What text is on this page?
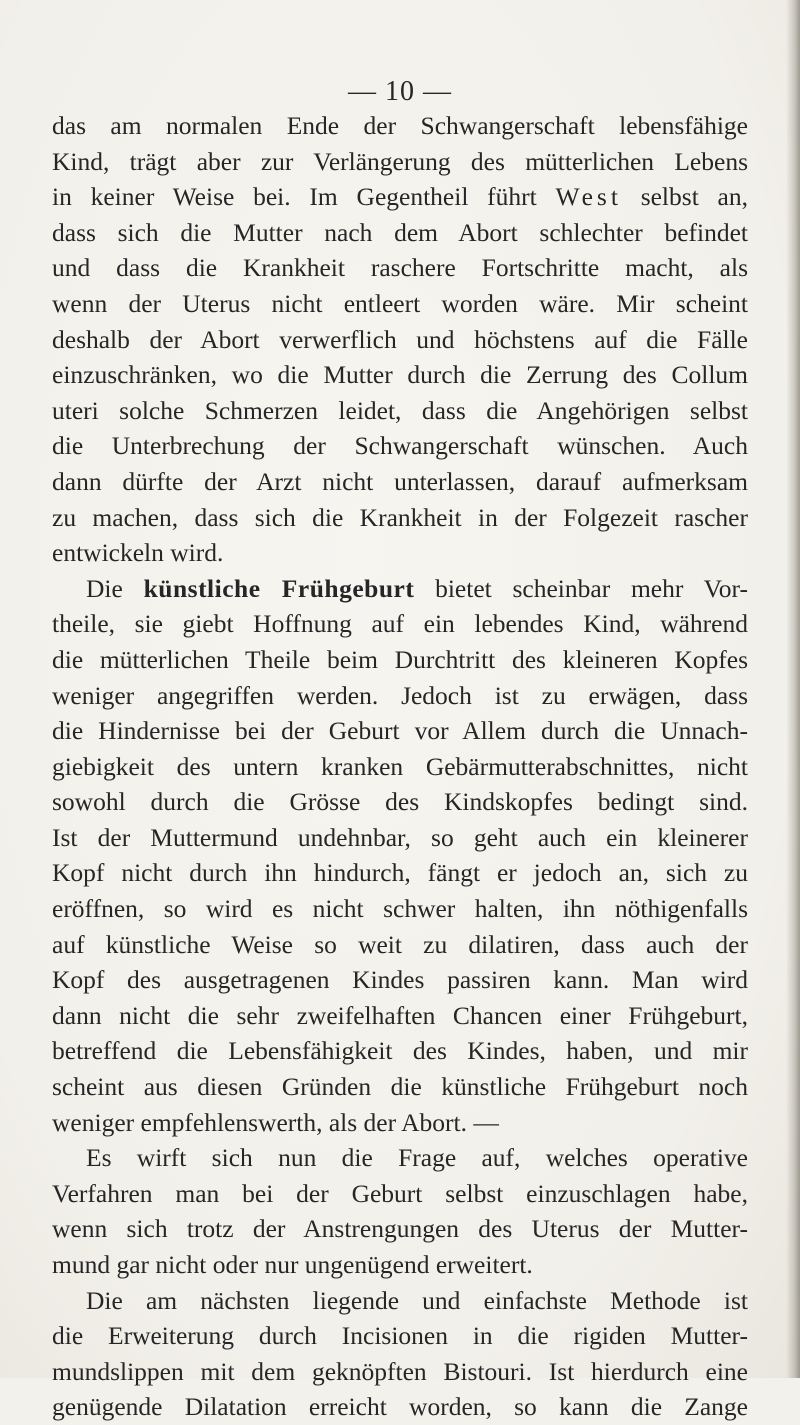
— 10 —
das am normalen Ende der Schwangerschaft lebensfähige
Kind, trägt aber zur Verlängerung des mütterlichen Lebens
in keiner Weise bei. Im Gegentheil führt West selbst an,
dass sich die Mutter nach dem Abort schlechter befindet
und dass die Krankheit raschere Fortschritte macht, als
wenn der Uterus nicht entleert worden wäre. Mir scheint
deshalb der Abort verwerflich und höchstens auf die Fälle
einzuschränken, wo die Mutter durch die Zerrung des Collum
uteri solche Schmerzen leidet, dass die Angehörigen selbst
die Unterbrechung der Schwangerschaft wünschen. Auch
dann dürfte der Arzt nicht unterlassen, darauf aufmerksam
zu machen, dass sich die Krankheit in der Folgezeit rascher
entwickeln wird.
Die künstliche Frühgeburt bietet scheinbar mehr Vor-
theile, sie giebt Hoffnung auf ein lebendes Kind, während
die mütterlichen Theile beim Durchtritt des kleineren Kopfes
weniger angegriffen werden. Jedoch ist zu erwägen, dass
die Hindernisse bei der Geburt vor Allem durch die Unnach-
giebigkeit des untern kranken Gebärmutterabschnittes, nicht
sowohl durch die Grösse des Kindskopfes bedingt sind.
Ist der Muttermund undehnbar, so geht auch ein kleinerer
Kopf nicht durch ihn hindurch, fängt er jedoch an, sich zu
eröffnen, so wird es nicht schwer halten, ihn nöthigenfalls
auf künstliche Weise so weit zu dilatiren, dass auch der
Kopf des ausgetragenen Kindes passiren kann. Man wird
dann nicht die sehr zweifelhaften Chancen einer Frühgeburt,
betreffend die Lebensfähigkeit des Kindes, haben, und mir
scheint aus diesen Gründen die künstliche Frühgeburt noch
weniger empfehlenswerth, als der Abort. —
Es wirft sich nun die Frage auf, welches operative
Verfahren man bei der Geburt selbst einzuschlagen habe,
wenn sich trotz der Anstrengungen des Uterus der Mutter-
mund gar nicht oder nur ungenügend erweitert.
Die am nächsten liegende und einfachste Methode ist
die Erweiterung durch Incisionen in die rigiden Mutter-
mundslippen mit dem geknöpften Bistouri. Ist hierdurch eine
genügende Dilatation erreicht worden, so kann die Zange
